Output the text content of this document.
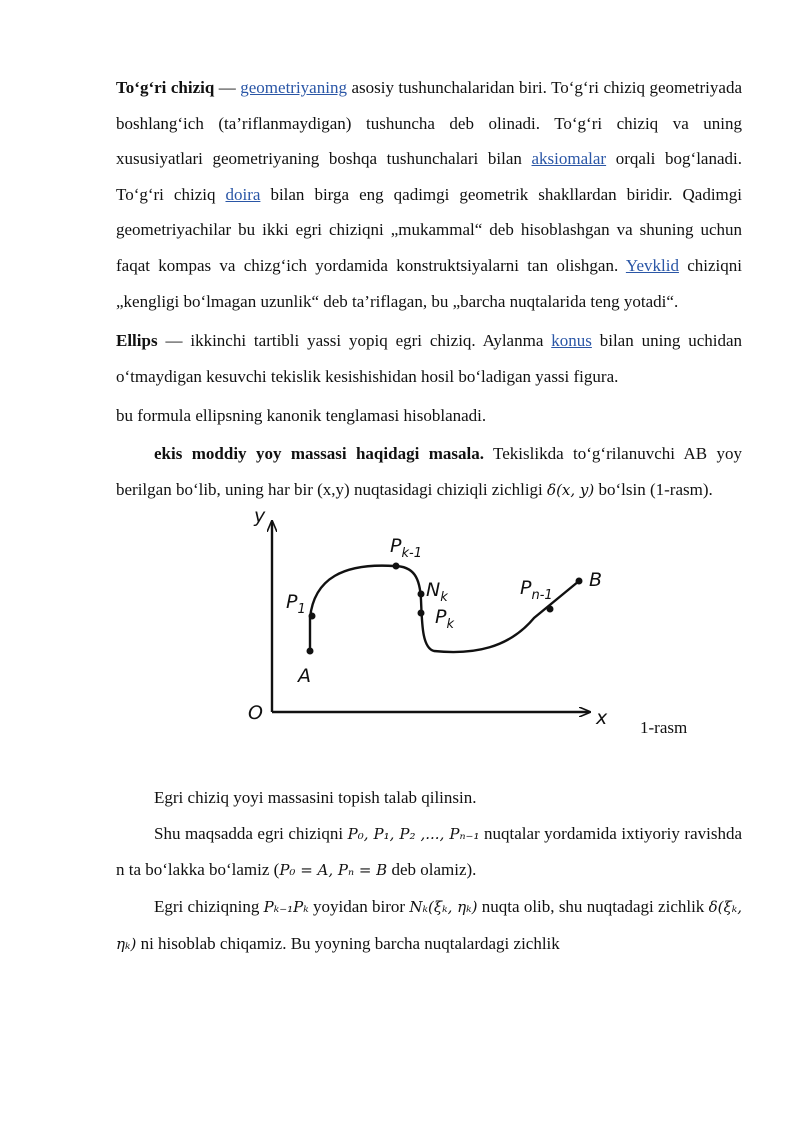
To‘g‘ri chiziq — geometriyaning asosiy tushunchalaridan biri. To‘g‘ri chiziq geometriyada boshlang‘ich (ta’riflanmaydigan) tushuncha deb olinadi. To‘g‘ri chiziq va uning xususiyatlari geometriyaning boshqa tushunchalari bilan aksiomalar orqali bog‘lanadi. To‘g‘ri chiziq doira bilan birga eng qadimgi geometrik shakllardan biridir. Qadimgi geometriyachilar bu ikki egri chiziqni „mukammal“ deb hisoblashgan va shuning uchun faqat kompas va chizg‘ich yordamida konstruktsiyalarni tan olishgan. Yevklid chiziqni „kengligi bo‘lmagan uzunlik“ deb ta’riflagan, bu „barcha nuqtalarida teng yotadi“.

Ellips — ikkinchi tartibli yassi yopiq egri chiziq. Aylanma konus bilan uning uchidan o‘tmaydigan kesuvchi tekislik kesishishidan hosil bo‘ladigan yassi figura.

bu formula ellipsning kanonik tenglamasi hisoblanadi.

ekis moddiy yoy massasi haqidagi masala. Tekislikda to‘g‘rilanuvchi AB yoy berilgan bo‘lib, uning har bir (x,y) nuqtasidagi chiziqli zichligi δ(x, y) bo‘lsin (1-rasm).

y
x
O
A
B
$P_1$
$P_{k-1}$
$N_k$
$P_k$
$P_{n-1}$
1-rasm

Egri chiziq yoyi massasini topish talab qilinsin.

Shu maqsadda egri chiziqni P₀, P₁, P₂ ,..., Pₙ₋₁ nuqtalar yordamida ixtiyoriy ravishda n ta bo‘lakka bo‘lamiz (P₀ = A, Pₙ = B deb olamiz).

Egri chiziqning Pₖ₋₁Pₖ yoyidan biror Nₖ(ξₖ, ηₖ) nuqta olib, shu nuqtadagi zichlik δ(ξₖ, ηₖ) ni hisoblab chiqamiz. Bu yoyning barcha nuqtalardagi zichlik
